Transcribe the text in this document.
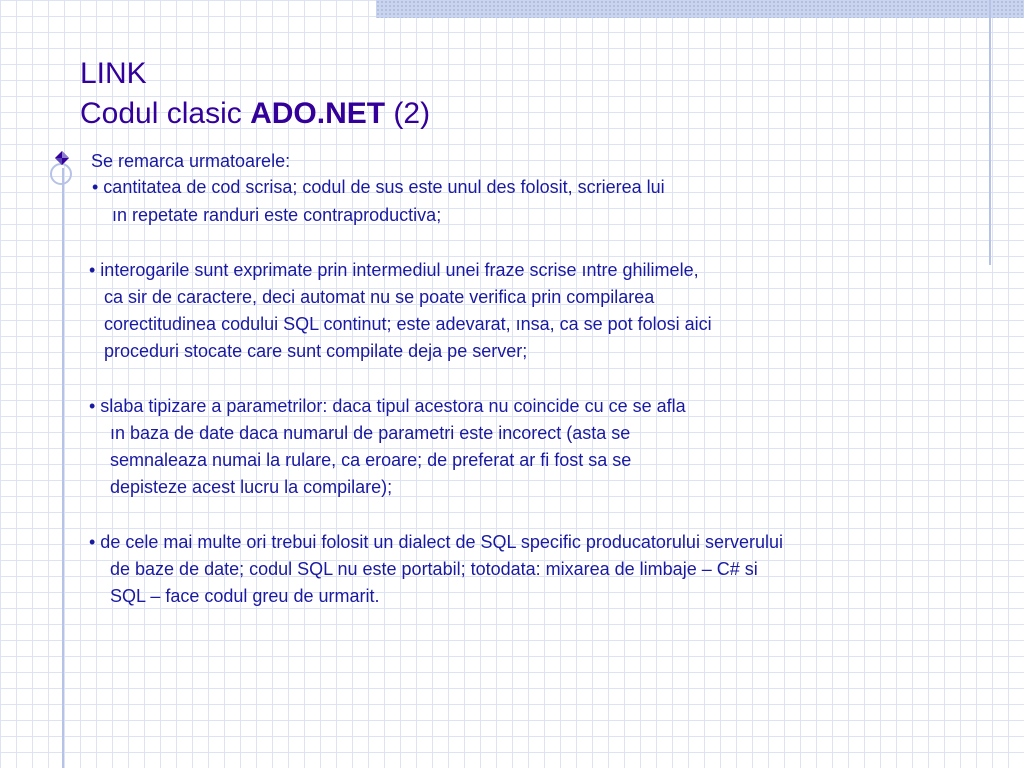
LINK
Codul clasic ADO.NET (2)
Se remarca urmatoarele:
• cantitatea de cod scrisa; codul de sus este unul des folosit, scrierea lui
ın repetate randuri este contraproductiva;
• interogarile sunt exprimate prin intermediul unei fraze scrise ıntre ghilimele,
ca sir de caractere, deci automat nu se poate verifica prin compilarea
corectitudinea codului SQL continut; este adevarat, ınsa, ca se pot folosi aici
proceduri stocate care sunt compilate deja pe server;
• slaba tipizare a parametrilor: daca tipul acestora nu coincide cu ce se afla
ın baza de date daca numarul de parametri este incorect (asta se
semnaleaza numai la rulare, ca eroare; de preferat ar fi fost sa se
depisteze acest lucru la compilare);
• de cele mai multe ori trebui folosit un dialect de SQL specific producatorului serverului
de baze de date; codul SQL nu este portabil; totodata: mixarea de limbaje – C# si
SQL – face codul greu de urmarit.
